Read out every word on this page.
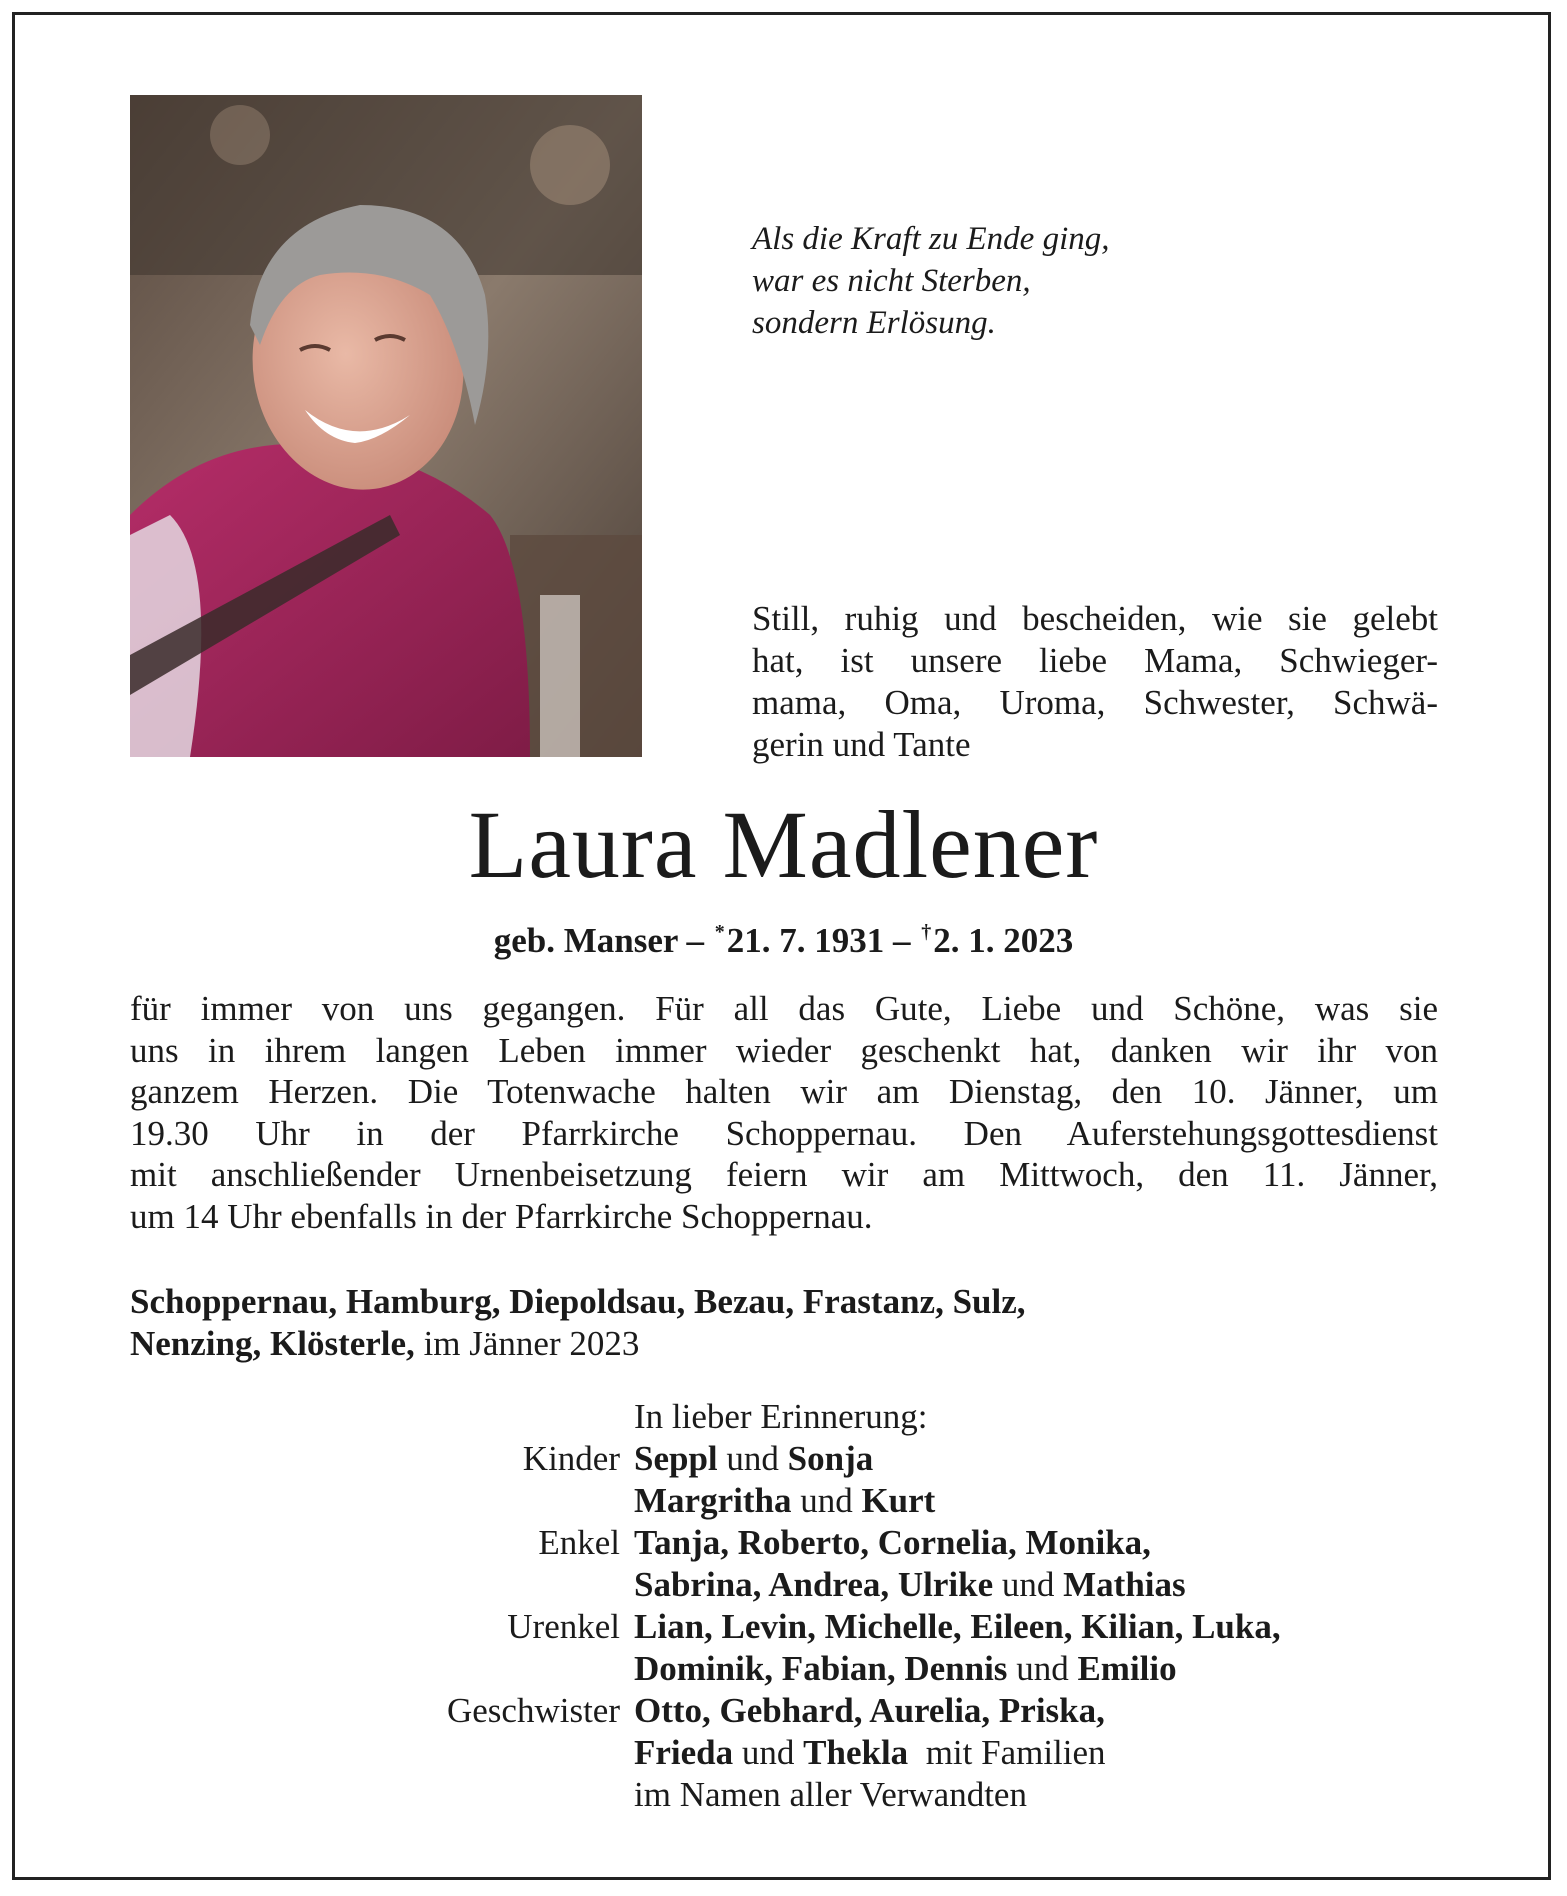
Als die Kraft zu Ende ging,
war es nicht Sterben,
sondern Erlösung.
Still, ruhig und bescheiden, wie sie gelebt
hat, ist unsere liebe Mama, Schwieger-
mama, Oma, Uroma, Schwester, Schwä-
gerin und Tante
Laura Madlener
geb. Manser – *21. 7. 1931 – †2. 1. 2023
für immer von uns gegangen. Für all das Gute, Liebe und Schöne, was sie
uns in ihrem langen Leben immer wieder geschenkt hat, danken wir ihr von
ganzem Herzen. Die Totenwache halten wir am Dienstag, den 10. Jänner, um
19.30 Uhr in der Pfarrkirche Schoppernau. Den Auferstehungsgottesdienst
mit anschließender Urnenbeisetzung feiern wir am Mittwoch, den 11. Jänner,
um 14 Uhr ebenfalls in der Pfarrkirche Schoppernau.
Schoppernau, Hamburg, Diepoldsau, Bezau, Frastanz, Sulz,
Nenzing, Klösterle, im Jänner 2023
In lieber Erinnerung:
Kinder Seppl und Sonja
Margritha und Kurt
Enkel Tanja, Roberto, Cornelia, Monika,
Sabrina, Andrea, Ulrike und Mathias
Urenkel Lian, Levin, Michelle, Eileen, Kilian, Luka,
Dominik, Fabian, Dennis und Emilio
Geschwister Otto, Gebhard, Aurelia, Priska,
Frieda und Thekla mit Familien
im Namen aller Verwandten
